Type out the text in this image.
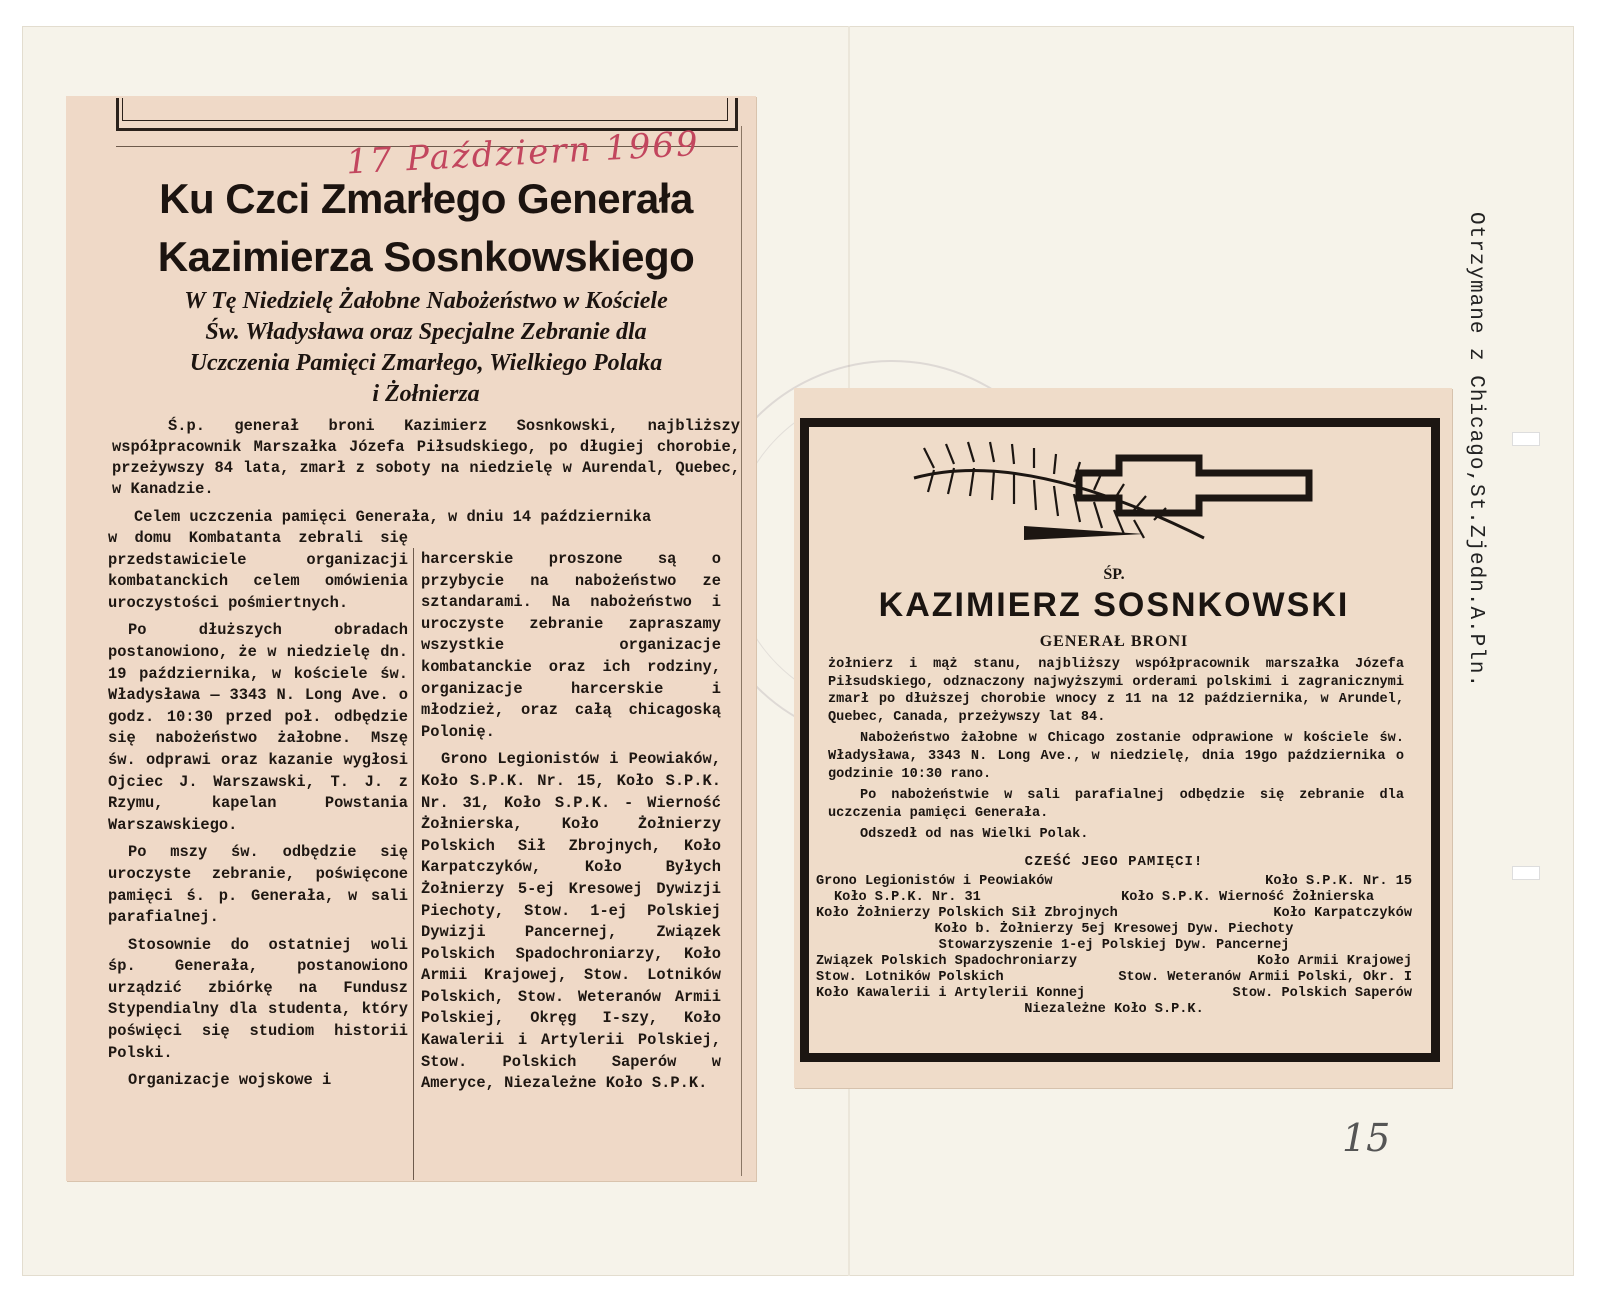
17 Październ 1969
Ku Czci Zmarłego Generała
Kazimierza Sosnkowskiego
W Tę Niedzielę Żałobne Nabożeństwo w Kościele
Św. Władysława oraz Specjalne Zebranie dla
Uczczenia Pamięci Zmarłego, Wielkiego Polaka
i Żołnierza
Ś.p. generał broni Kazimierz Sosnkowski, najbliższy współpracownik Marszałka Józefa Piłsudskiego, po długiej chorobie, przeżywszy 84 lata, zmarł z soboty na niedzielę w Aurendal, Quebec, w Kanadzie.
Celem uczczenia pamięci Generała, w dniu 14 października

w domu Kombatanta zebrali się przedstawiciele organizacji kombatanckich celem omówienia uroczystości pośmiertnych.

Po dłuższych obradach postanowiono, że w niedzielę dn. 19 października, w kościele św. Władysława — 3343 N. Long Ave. o godz. 10:30 przed poł. odbędzie się nabożeństwo żałobne. Mszę św. odprawi oraz kazanie wygłosi Ojciec J. Warszawski, T. J. z Rzymu, kapelan Powstania Warszawskiego.

Po mszy św. odbędzie się uroczyste zebranie, poświęcone pamięci ś. p. Generała, w sali parafialnej.

Stosownie do ostatniej woli śp. Generała, postanowiono urządzić zbiórkę na Fundusz Stypendialny dla studenta, który poświęci się studiom historii Polski.

Organizacje wojskowe i

harcerskie proszone są o przybycie na nabożeństwo ze sztandarami. Na nabożeństwo i uroczyste zebranie zapraszamy wszystkie organizacje kombatanckie oraz ich rodziny, organizacje harcerskie i młodzież, oraz całą chicagoską Polonię.

Grono Legionistów i Peowiaków, Koło S.P.K. Nr. 15, Koło S.P.K. Nr. 31, Koło S.P.K. - Wierność Żołnierska, Koło Żołnierzy Polskich Sił Zbrojnych, Koło Karpatczyków, Koło Byłych Żołnierzy 5-ej Kresowej Dywizji Piechoty, Stow. 1-ej Polskiej Dywizji Pancernej, Związek Polskich Spadochroniarzy, Koło Armii Krajowej, Stow. Lotników Polskich, Stow. Weteranów Armii Polskiej, Okręg I-szy, Koło Kawalerii i Artylerii Polskiej, Stow. Polskich Saperów w Ameryce, Niezależne Koło S.P.K.

ŚP.
KAZIMIERZ SOSNKOWSKI
GENERAŁ BRONI

żołnierz i mąż stanu, najbliższy współpracownik marszałka Józefa Piłsudskiego, odznaczony najwyższymi orderami polskimi i zagranicznymi zmarł po dłuższej chorobie wnocy z 11 na 12 października, w Arundel, Quebec, Canada, przeżywszy lat 84.

Nabożeństwo żałobne w Chicago zostanie odprawione w kościele św. Władysława, 3343 N. Long Ave., w niedzielę, dnia 19go października o godzinie 10:30 rano.

Po nabożeństwie w sali parafialnej odbędzie się zebranie dla uczczenia pamięci Generała.

Odszedł od nas Wielki Polak.

CZEŚĆ JEGO PAMIĘCI!
Grono Legionistów i Peowiaków	Koło S.P.K. Nr. 15
Koło S.P.K. Nr. 31	Koło S.P.K. Wierność Żołnierska
Koło Żołnierzy Polskich Sił Zbrojnych	Koło Karpatczyków
Koło b. Żołnierzy 5ej Kresowej Dyw. Piechoty
Stowarzyszenie 1-ej Polskiej Dyw. Pancernej
Związek Polskich Spadochroniarzy	Koło Armii Krajowej
Stow. Lotników Polskich	Stow. Weteranów Armii Polski, Okr. I
Koło Kawalerii i Artylerii Konnej	Stow. Polskich Saperów
Niezależne Koło S.P.K.
Otrzymane z Chicago,St.Zjedn.A.Pln.
15
